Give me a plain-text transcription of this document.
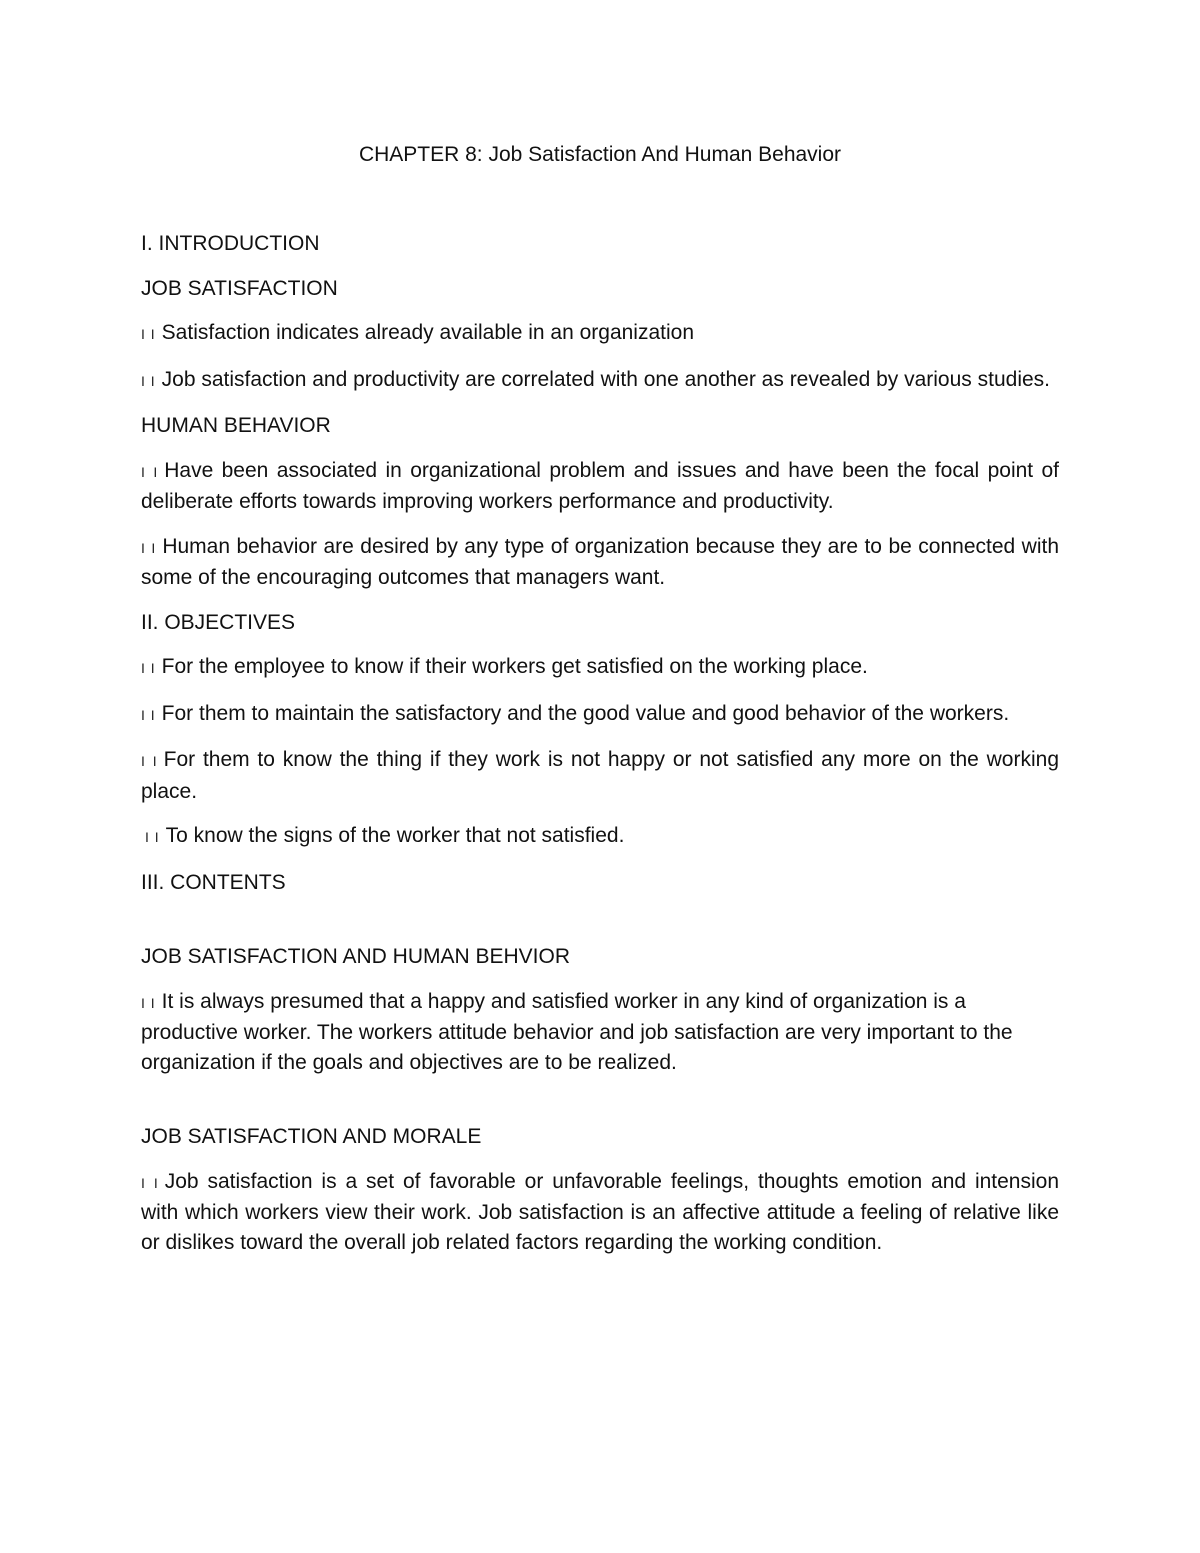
CHAPTER 8: Job Satisfaction And Human Behavior

I. INTRODUCTION

JOB SATISFACTION

I I Satisfaction indicates already available in an organization

I I Job satisfaction and productivity are correlated with one another as revealed by various studies.

HUMAN BEHAVIOR

I I Have been associated in organizational problem and issues and have been the focal point of deliberate efforts towards improving workers performance and productivity.

I I Human behavior are desired by any type of organization because they are to be connected with some of the encouraging outcomes that managers want.

II. OBJECTIVES

I I For the employee to know if their workers get satisfied on the working place.

I I For them to maintain the satisfactory and the good value and good behavior of the workers.

I I For them to know the thing if they work is not happy or not satisfied any more on the working place.

I I To know the signs of the worker that not satisfied.

III. CONTENTS

JOB SATISFACTION AND HUMAN BEHVIOR

I I It is always presumed that a happy and satisfied worker in any kind of organization is a productive worker. The workers attitude behavior and job satisfaction are very important to the organization if the goals and objectives are to be realized.

JOB SATISFACTION AND MORALE

I I Job satisfaction is a set of favorable or unfavorable feelings, thoughts emotion and intension with which workers view their work. Job satisfaction is an affective attitude a feeling of relative like or dislikes toward the overall job related factors regarding the working condition.
